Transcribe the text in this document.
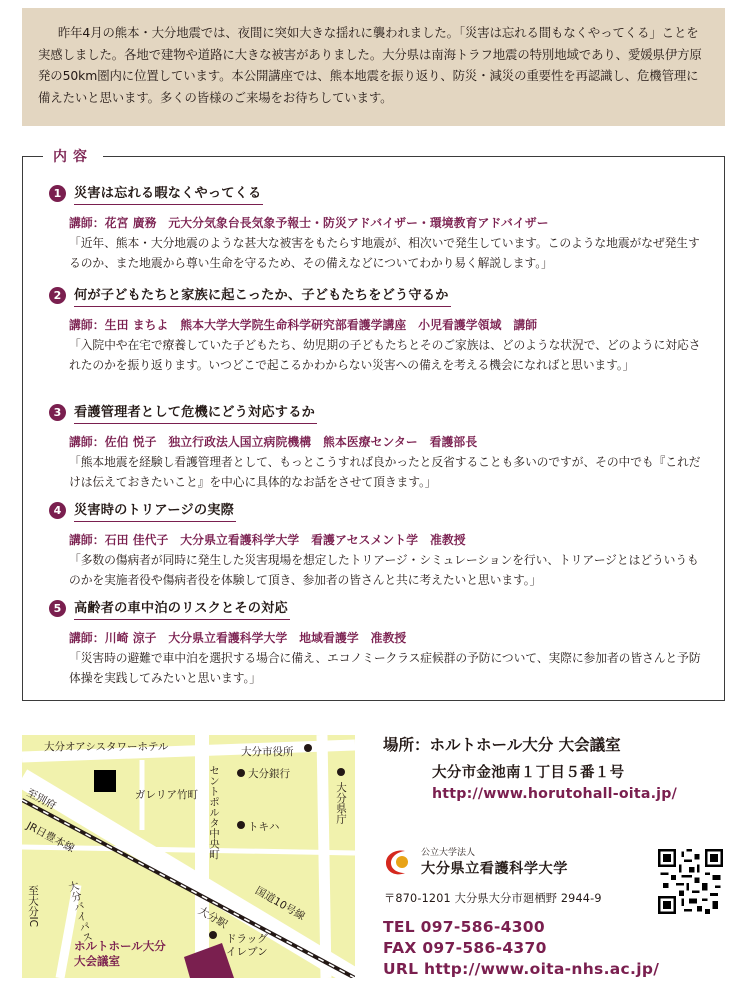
昨年4月の熊本・大分地震では、夜間に突如大きな揺れに襲われました。「災害は忘れる間もなくやってくる」ことを実感しました。各地で建物や道路に大きな被害がありました。大分県は南海トラフ地震の特別地域であり、愛媛県伊方原発の50km圏内に位置しています。本公開講座では、熊本地震を振り返り、防災・減災の重要性を再認識し、危機管理に備えたいと思います。多くの皆様のご来場をお待ちしています。

内容
1 災害は忘れる暇なくやってくる
講師：花宮 廣務　元大分気象台長気象予報士・防災アドバイザー・環境教育アドバイザー
「近年、熊本・大分地震のような甚大な被害をもたらす地震が、相次いで発生しています。このような地震がなぜ発生するのか、また地震から尊い生命を守るため、その備えなどについてわかり易く解説します。」
2 何が子どもたちと家族に起こったか、子どもたちをどう守るか
講師：生田 まちよ　熊本大学大学院生命科学研究部看護学講座　小児看護学領域　講師
「入院中や在宅で療養していた子どもたち、幼児期の子どもたちとそのご家族は、どのような状況で、どのように対応されたのかを振り返ります。いつどこで起こるかわからない災害への備えを考える機会になればと思います。」
3 看護管理者として危機にどう対応するか
講師：佐伯 悦子　独立行政法人国立病院機構　熊本医療センター　看護部長
「熊本地震を経験し看護管理者として、もっとこうすれば良かったと反省することも多いのですが、その中でも『これだけは伝えておきたいこと』を中心に具体的なお話をさせて頂きます。」
4 災害時のトリアージの実際
講師：石田 佳代子　大分県立看護科学大学　看護アセスメント学　准教授
「多数の傷病者が同時に発生した災害現場を想定したトリアージ・シミュレーションを行い、トリアージとはどういうものかを実施者役や傷病者役を体験して頂き、参加者の皆さんと共に考えたいと思います。」
5 高齢者の車中泊のリスクとその対応
講師：川崎 涼子　大分県立看護科学大学　地域看護学　准教授
「災害時の避難で車中泊を選択する場合に備え、エコノミークラス症候群の予防について、実際に参加者の皆さんと予防体操を実践してみたいと思います。」
大分オアシスタワーホテル
ガレリア竹町
大分市役所
大分銀行
トキハ
大分県庁
セントポルタ中央町
至別府
JR日豊本線
大分バイパス
至大分IC	国道10号線
大分駅
ドラッグイレブン
ホルトホール大分
大会議室
場所： ホルトホール大分 大会議室
大分市金池南１丁目５番１号
http://www.horutohall-oita.jp/
公立大学法人
大分県立看護科学大学
〒870-1201 大分県大分市廻栖野 2944-9
TEL 097-586-4300
FAX 097-586-4370
URL http://www.oita-nhs.ac.jp/
